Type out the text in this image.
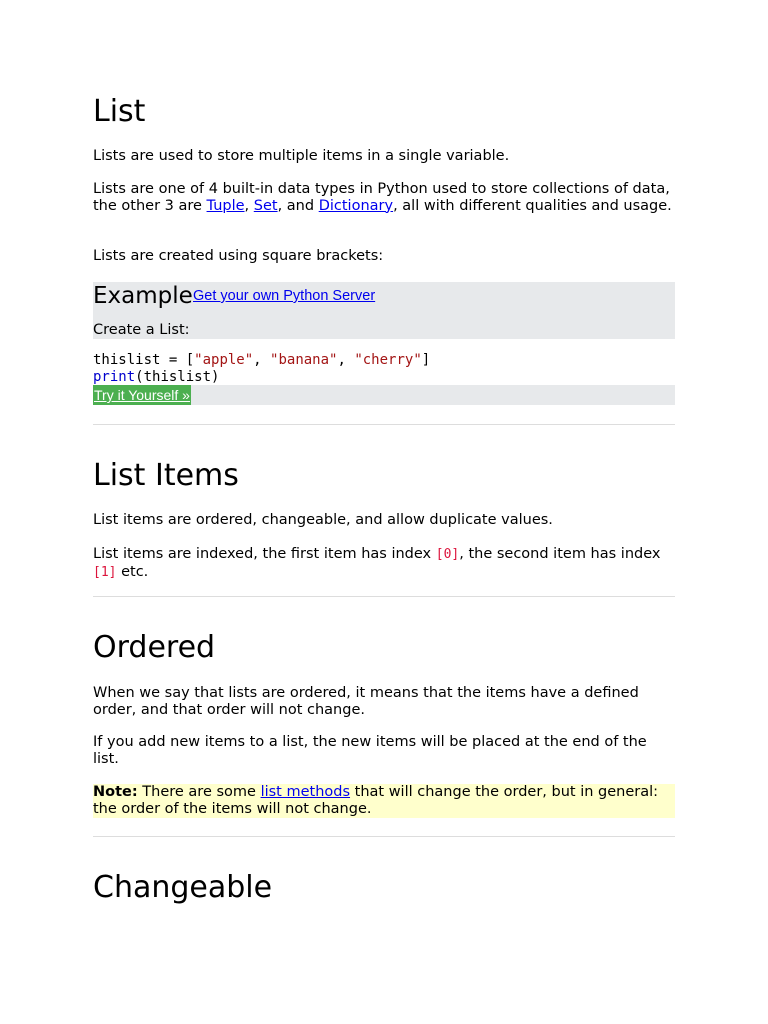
List

Lists are used to store multiple items in a single variable.

Lists are one of 4 built-in data types in Python used to store collections of data, the other 3 are Tuple, Set, and Dictionary, all with different qualities and usage.

Lists are created using square brackets:

Example Get your own Python Server
Create a List:
thislist = ["apple", "banana", "cherry"]
print(thislist)
Try it Yourself »
List Items

List items are ordered, changeable, and allow duplicate values.

List items are indexed, the first item has index [0], the second item has index [1] etc.

Ordered

When we say that lists are ordered, it means that the items have a defined order, and that order will not change.

If you add new items to a list, the new items will be placed at the end of the list.

Note: There are some list methods that will change the order, but in general: the order of the items will not change.

Changeable
